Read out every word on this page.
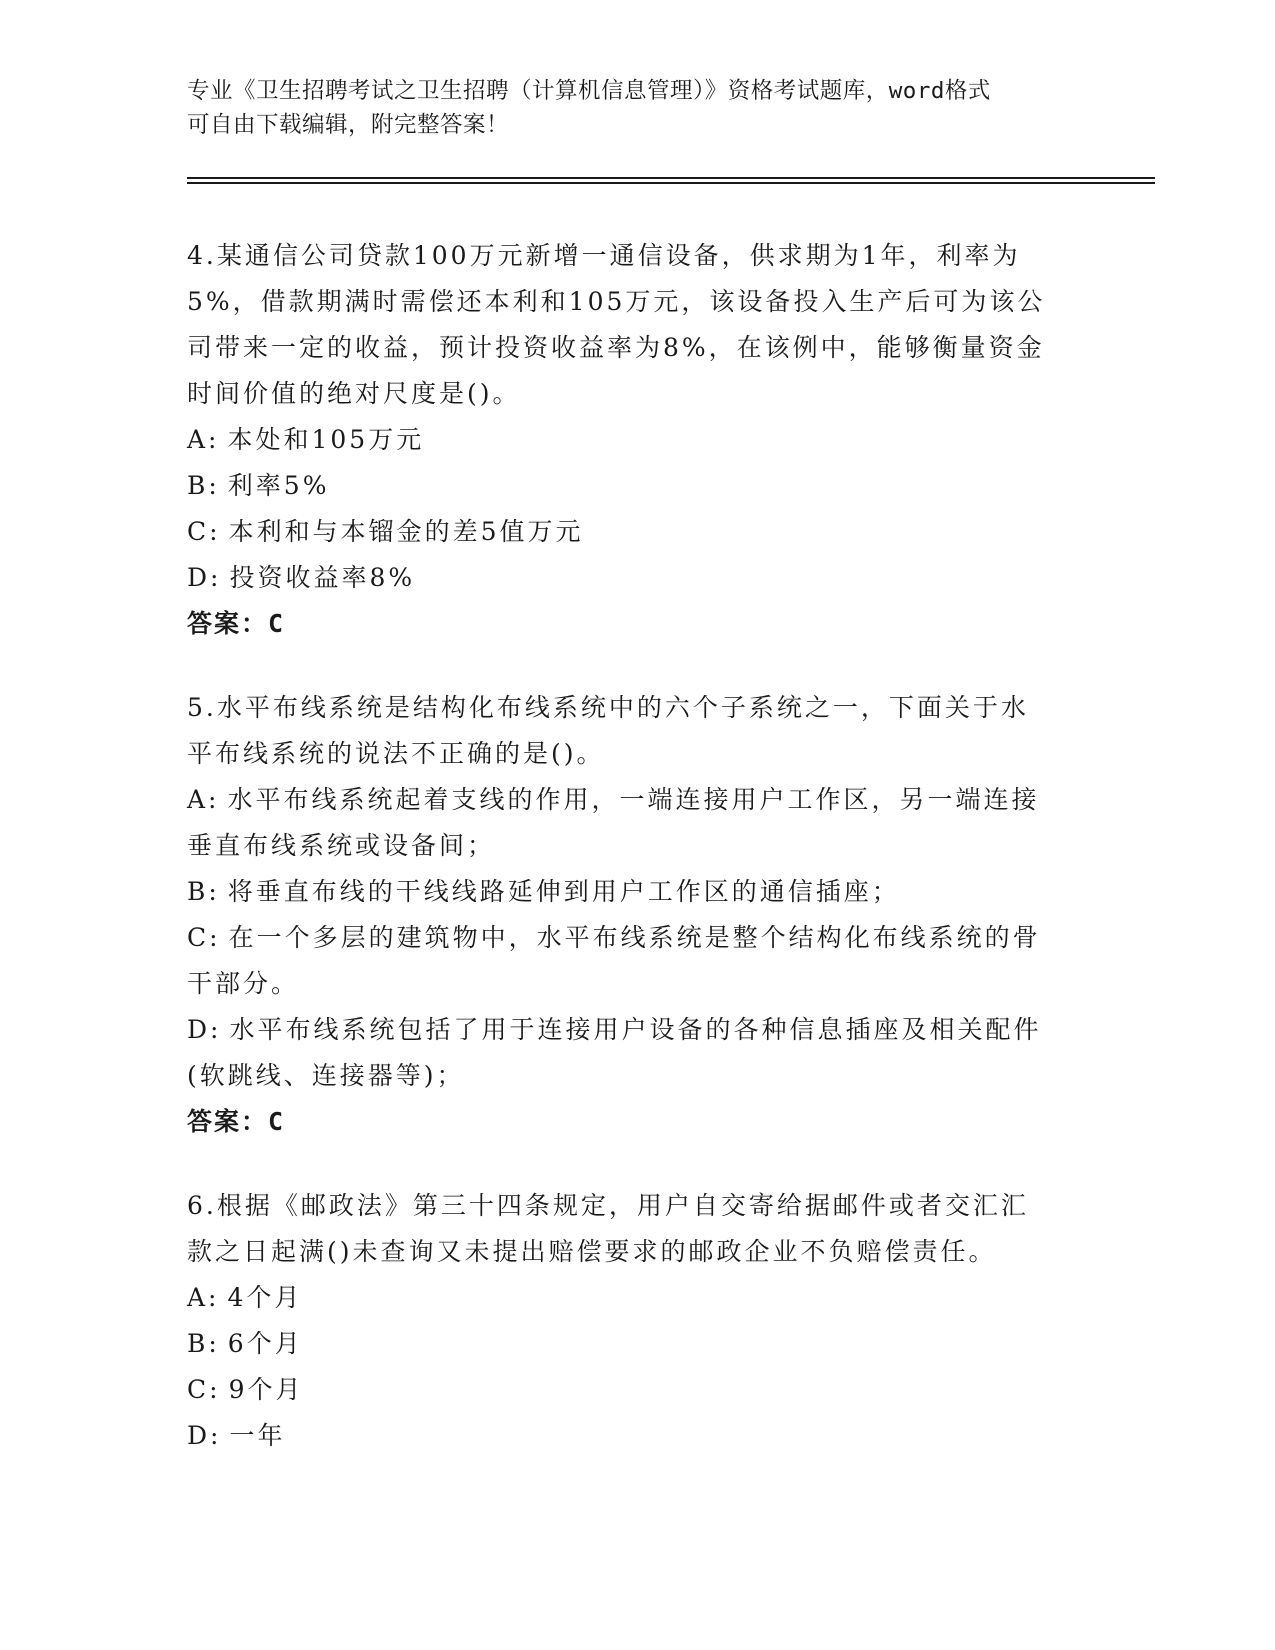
专业《卫生招聘考试之卫生招聘（计算机信息管理）》资格考试题库，word格式
可自由下载编辑，附完整答案！
4.某通信公司贷款100万元新增一通信设备，供求期为1年，利率为
5%，借款期满时需偿还本利和105万元，该设备投入生产后可为该公
司带来一定的收益，预计投资收益率为8%，在该例中，能够衡量资金
时间价值的绝对尺度是()。
A: 本处和105万元
B: 利率5%
C: 本利和与本镏金的差5值万元
D: 投资收益率8%
答案：C
5.水平布线系统是结构化布线系统中的六个子系统之一，下面关于水
平布线系统的说法不正确的是()。
A: 水平布线系统起着支线的作用，一端连接用户工作区，另一端连接
垂直布线系统或设备间；
B: 将垂直布线的干线线路延伸到用户工作区的通信插座；
C: 在一个多层的建筑物中，水平布线系统是整个结构化布线系统的骨
干部分。
D: 水平布线系统包括了用于连接用户设备的各种信息插座及相关配件
(软跳线、连接器等)；
答案：C
6.根据《邮政法》第三十四条规定，用户自交寄给据邮件或者交汇汇
款之日起满()未查询又未提出赔偿要求的邮政企业不负赔偿责任。
A: 4个月
B: 6个月
C: 9个月
D: 一年
